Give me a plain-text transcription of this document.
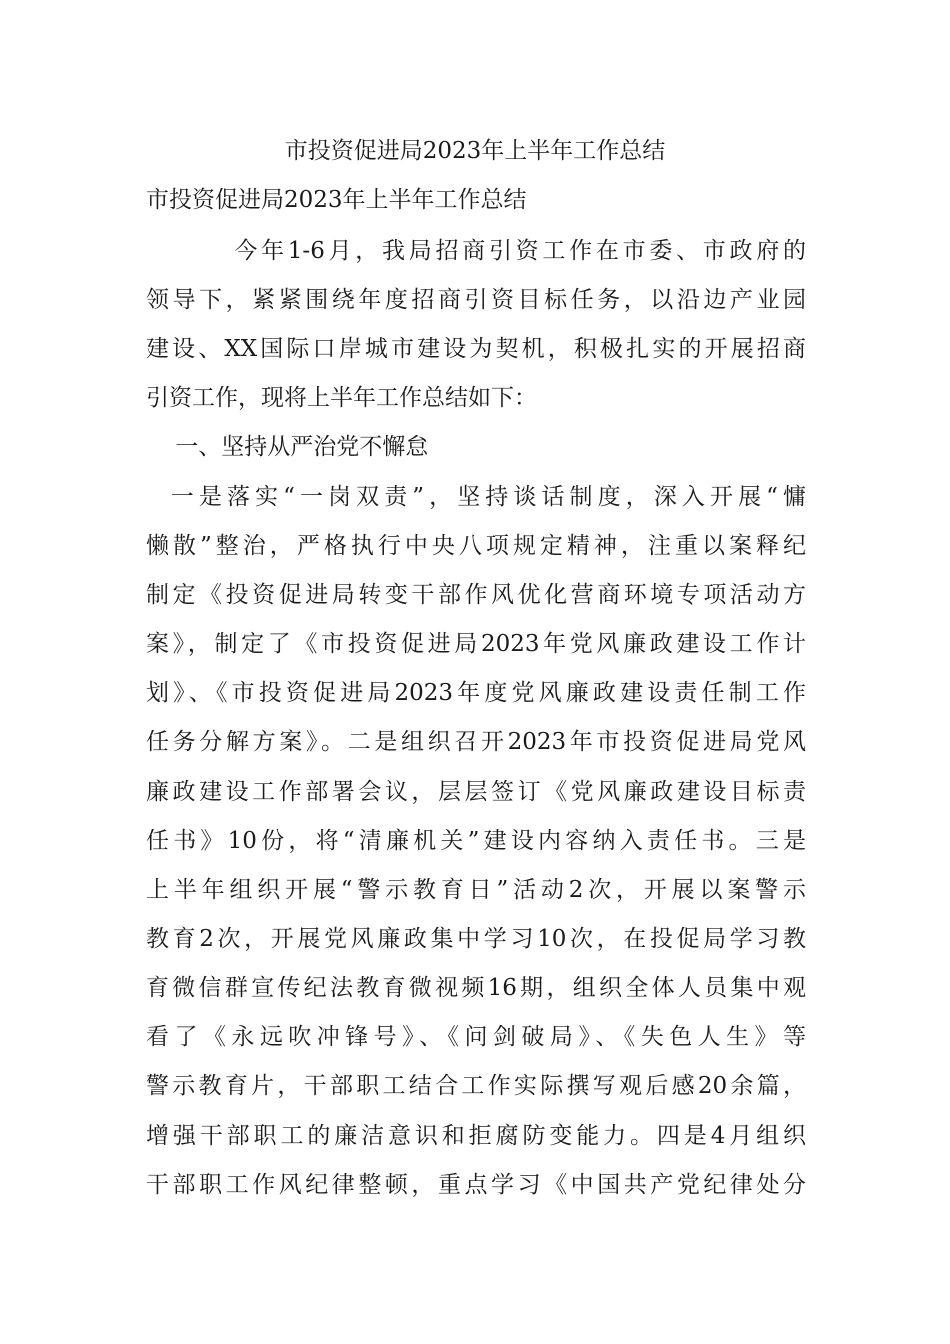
市投资促进局2023年上半年工作总结
市投资促进局2023年上半年工作总结
今年1-6月，我局招商引资工作在市委、市政府的
领导下，紧紧围绕年度招商引资目标任务，以沿边产业园
建设、XX国际口岸城市建设为契机，积极扎实的开展招商
引资工作，现将上半年工作总结如下：
一、坚持从严治党不懈怠
一是落实“一岗双责”，坚持谈话制度，深入开展“慵
懒散”整治，严格执行中央八项规定精神，注重以案释纪
制定《投资促进局转变干部作风优化营商环境专项活动方
案》，制定了《市投资促进局2023年党风廉政建设工作计
划》、《市投资促进局2023年度党风廉政建设责任制工作
任务分解方案》。二是组织召开2023年市投资促进局党风
廉政建设工作部署会议，层层签订《党风廉政建设目标责
任书》10份，将“清廉机关”建设内容纳入责任书。三是
上半年组织开展“警示教育日”活动2次，开展以案警示
教育2次，开展党风廉政集中学习10次，在投促局学习教
育微信群宣传纪法教育微视频16期，组织全体人员集中观
看了《永远吹冲锋号》、《问剑破局》、《失色人生》等
警示教育片，干部职工结合工作实际撰写观后感20余篇，
增强干部职工的廉洁意识和拒腐防变能力。四是4月组织
干部职工作风纪律整顿，重点学习《中国共产党纪律处分
